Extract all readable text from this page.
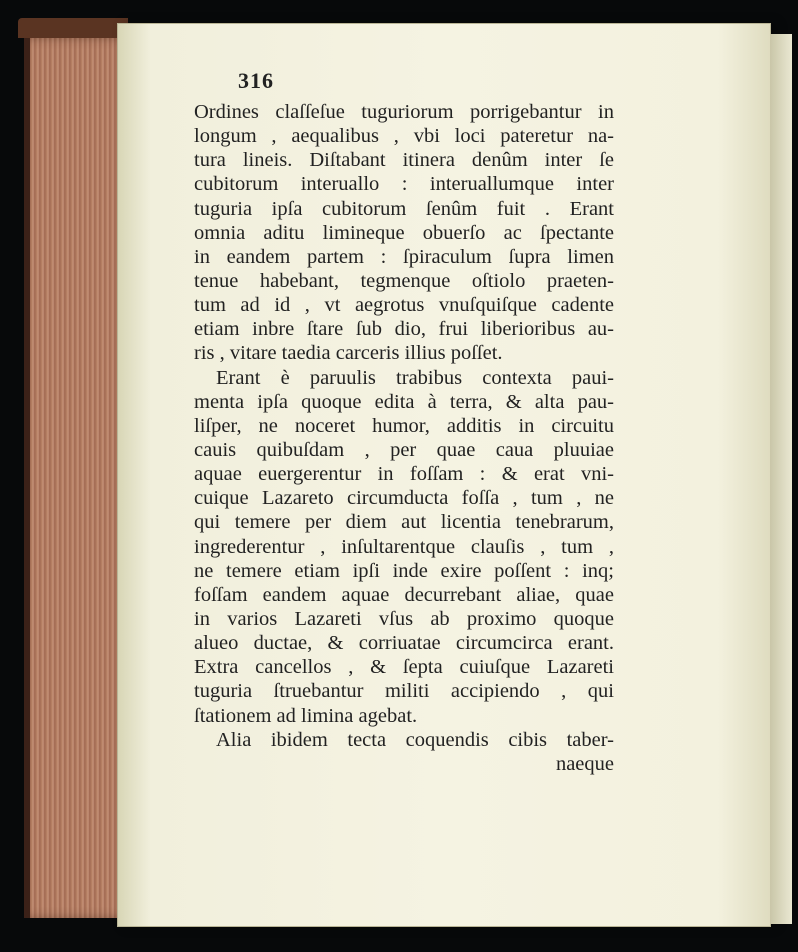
316
Ordines claſſeſue tuguriorum porrigebantur in
longum , aequalibus , vbi loci pateretur na-
tura lineis. Diſtabant itinera denûm inter ſe
cubitorum interuallo : interuallumque inter
tuguria ipſa cubitorum ſenûm fuit . Erant
omnia aditu limineque obuerſo ac ſpectante
in eandem partem : ſpiraculum ſupra limen
tenue habebant, tegmenque oſtiolo praeten-
tum ad id , vt aegrotus vnuſquiſque cadente
etiam inbre ſtare ſub dio, frui liberioribus au-
ris , vitare taedia carceris illius poſſet.
Erant è paruulis trabibus contexta paui-
menta ipſa quoque edita à terra, & alta pau-
liſper, ne noceret humor, additis in circuitu
cauis quibuſdam , per quae caua pluuiae
aquae euergerentur in foſſam : & erat vni-
cuique Lazareto circumducta foſſa , tum , ne
qui temere per diem aut licentia tenebrarum,
ingrederentur , inſultarentque clauſis , tum ,
ne temere etiam ipſi inde exire poſſent : inq;
foſſam eandem aquae decurrebant aliae, quae
in varios Lazareti vſus ab proximo quoque
alueo ductae, & corriuatae circumcirca erant.
Extra cancellos , & ſepta cuiuſque Lazareti
tuguria ſtruebantur militi accipiendo , qui
ſtationem ad limina agebat.
Alia ibidem tecta coquendis cibis taber-
naeque
